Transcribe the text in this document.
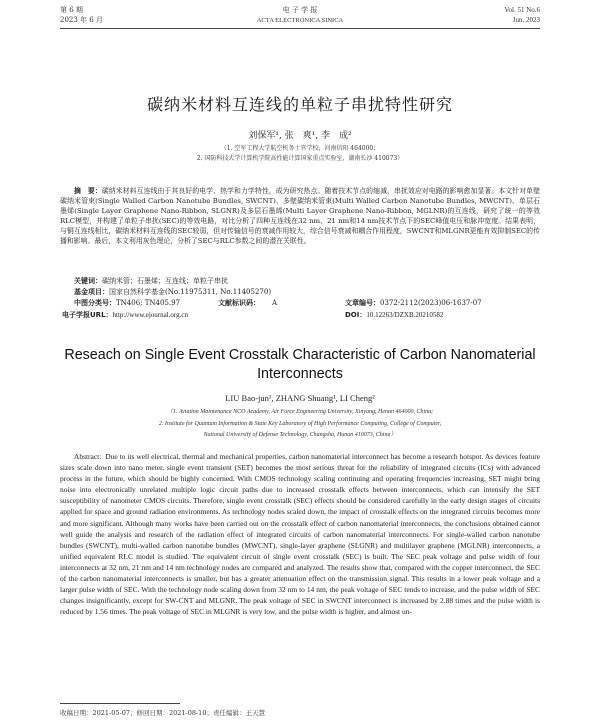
第 6 期
2023 年 6 月
电 子 学 报
ACTA ELECTRONICA SINICA
Vol. 51 No.6
Jun. 2023
碳纳米材料互连线的单粒子串扰特性研究
刘保军¹, 张　爽¹, 李　成²
（1. 空军工程大学航空机务士官学校，河南信阳 464000；
2. 国防科技大学计算机学院高性能计算国家重点实验室，湖南长沙 410073）
摘　要：碳纳米材料互连线由于其良好的电学、热学和力学特性，成为研究热点。随着技术节点的缩减，串扰效应对电路的影响愈加显著。本文针对单壁碳纳米管束(Single Walled Carbon Nanotube Bundles, SWCNT)、多壁碳纳米管束(Multi Walled Carbon Nanotube Bundles, MWCNT)、单层石墨烯(Single Layer Graphene Nano-Ribbon, SLGNR)及多层石墨烯(Multi Layer Graphene Nano-Ribbon, MGLNR)的互连线，研究了统一的等效RLC模型，并构建了单粒子串扰(SEC)的等效电路，对比分析了四种互连线在32 nm、21 nm和14 nm技术节点下的SEC峰值电压和脉冲宽度。结果表明，与铜互连线相比，碳纳米材料互连线的SEC较弱，但对传输信号的衰减作用较大，综合信号衰减和耦合作用程度，SWCNT和MLGNR更能有效抑制SEC的传播和影响。最后，本文利用灰色理论，分析了SEC与RLC参数之间的潜在关联性。
关键词：碳纳米管；石墨烯；互连线；单粒子串扰
基金项目：国家自然科学基金(No.11975311, No.11405270)
中图分类号：TN406; TN405.97	文献标识码： A	文章编号：0372-2112(2023)06-1637-07
电子学报URL：http://www.ejournal.org.cn	DOI：10.12263/DZXB.20210582
Reseach on Single Event Crosstalk Characteristic of Carbon Nanomaterial Interconnects
LIU Bao-jun¹, ZHANG Shuang¹, LI Cheng²
（1. Aviation Maintenance NCO Academy, Air Force Engineering University, Xinyang, Henan 464000, China;
2. Institute for Quantum Information & State Key Laboratory of High Performance Computing, College of Computer,
National University of Defense Technology, Changsha, Hunan 410073, China）
Abstract: Due to its well electrical, thermal and mechanical properties, carbon nanomaterial interconnect has become a research hotspot. As devices feature sizes scale down into nano meter, single event transient (SET) becomes the most serious threat for the reliability of integrated circuits (ICs) with advanced process in the future, which should be highly concerned. With CMOS technology scaling continuing and operating frequencies increasing, SET might bring noise into electronically unrelated multiple logic circuit paths due to increased crosstalk effects between interconnects, which can intensify the SET susceptibility of nanometer CMOS circuits. Therefore, single event crosstalk (SEC) effects should be considered carefully in the early design stages of circuits applied for space and ground radiation environments. As technology nodes scaled down, the impact of crosstalk effects on the integrated circuits becomes more and more significant. Although many works have been carried out on the crosstalk effect of carbon nanomaterial interconnects, the conclusions obtained cannot well guide the analysis and research of the radiation effect of integrated circuits of carbon nanomaterial interconnects. For single-walled carbon nanotube bundles (SWCNT), multi-walled carbon nanotube bundles (MWCNT), single-layer graphene (SLGNR) and multilayer graphene (MGLNR) interconnects, a unified equivalent RLC model is studied. The equivalent circuit of single event crosstalk (SEC) is built. The SEC peak voltage and pulse width of four interconnects at 32 nm, 21 nm and 14 nm technology nodes are compared and analyzed. The results show that, compared with the copper interconnect, the SEC of the carbon nanomaterial interconnects is smaller, but has a greater attenuation effect on the transmission signal. This results in a lower peak voltage and a larger pulse width of SEC. With the technology node scaling down from 32 nm to 14 nm, the peak voltage of SEC tends to increase, and the pulse width of SEC changes insignificantly, except for SW-CNT and MLGNR. The peak voltage of SEC in SWCNT interconnect is increased by 2.88 times and the pulse width is reduced by 1.56 times. The peak voltage of SEC in MLGNR is very low, and the pulse width is higher, and almost un-
收稿日期：2021-05-07；修回日期：2021-08-10；责任编辑：王天慧
